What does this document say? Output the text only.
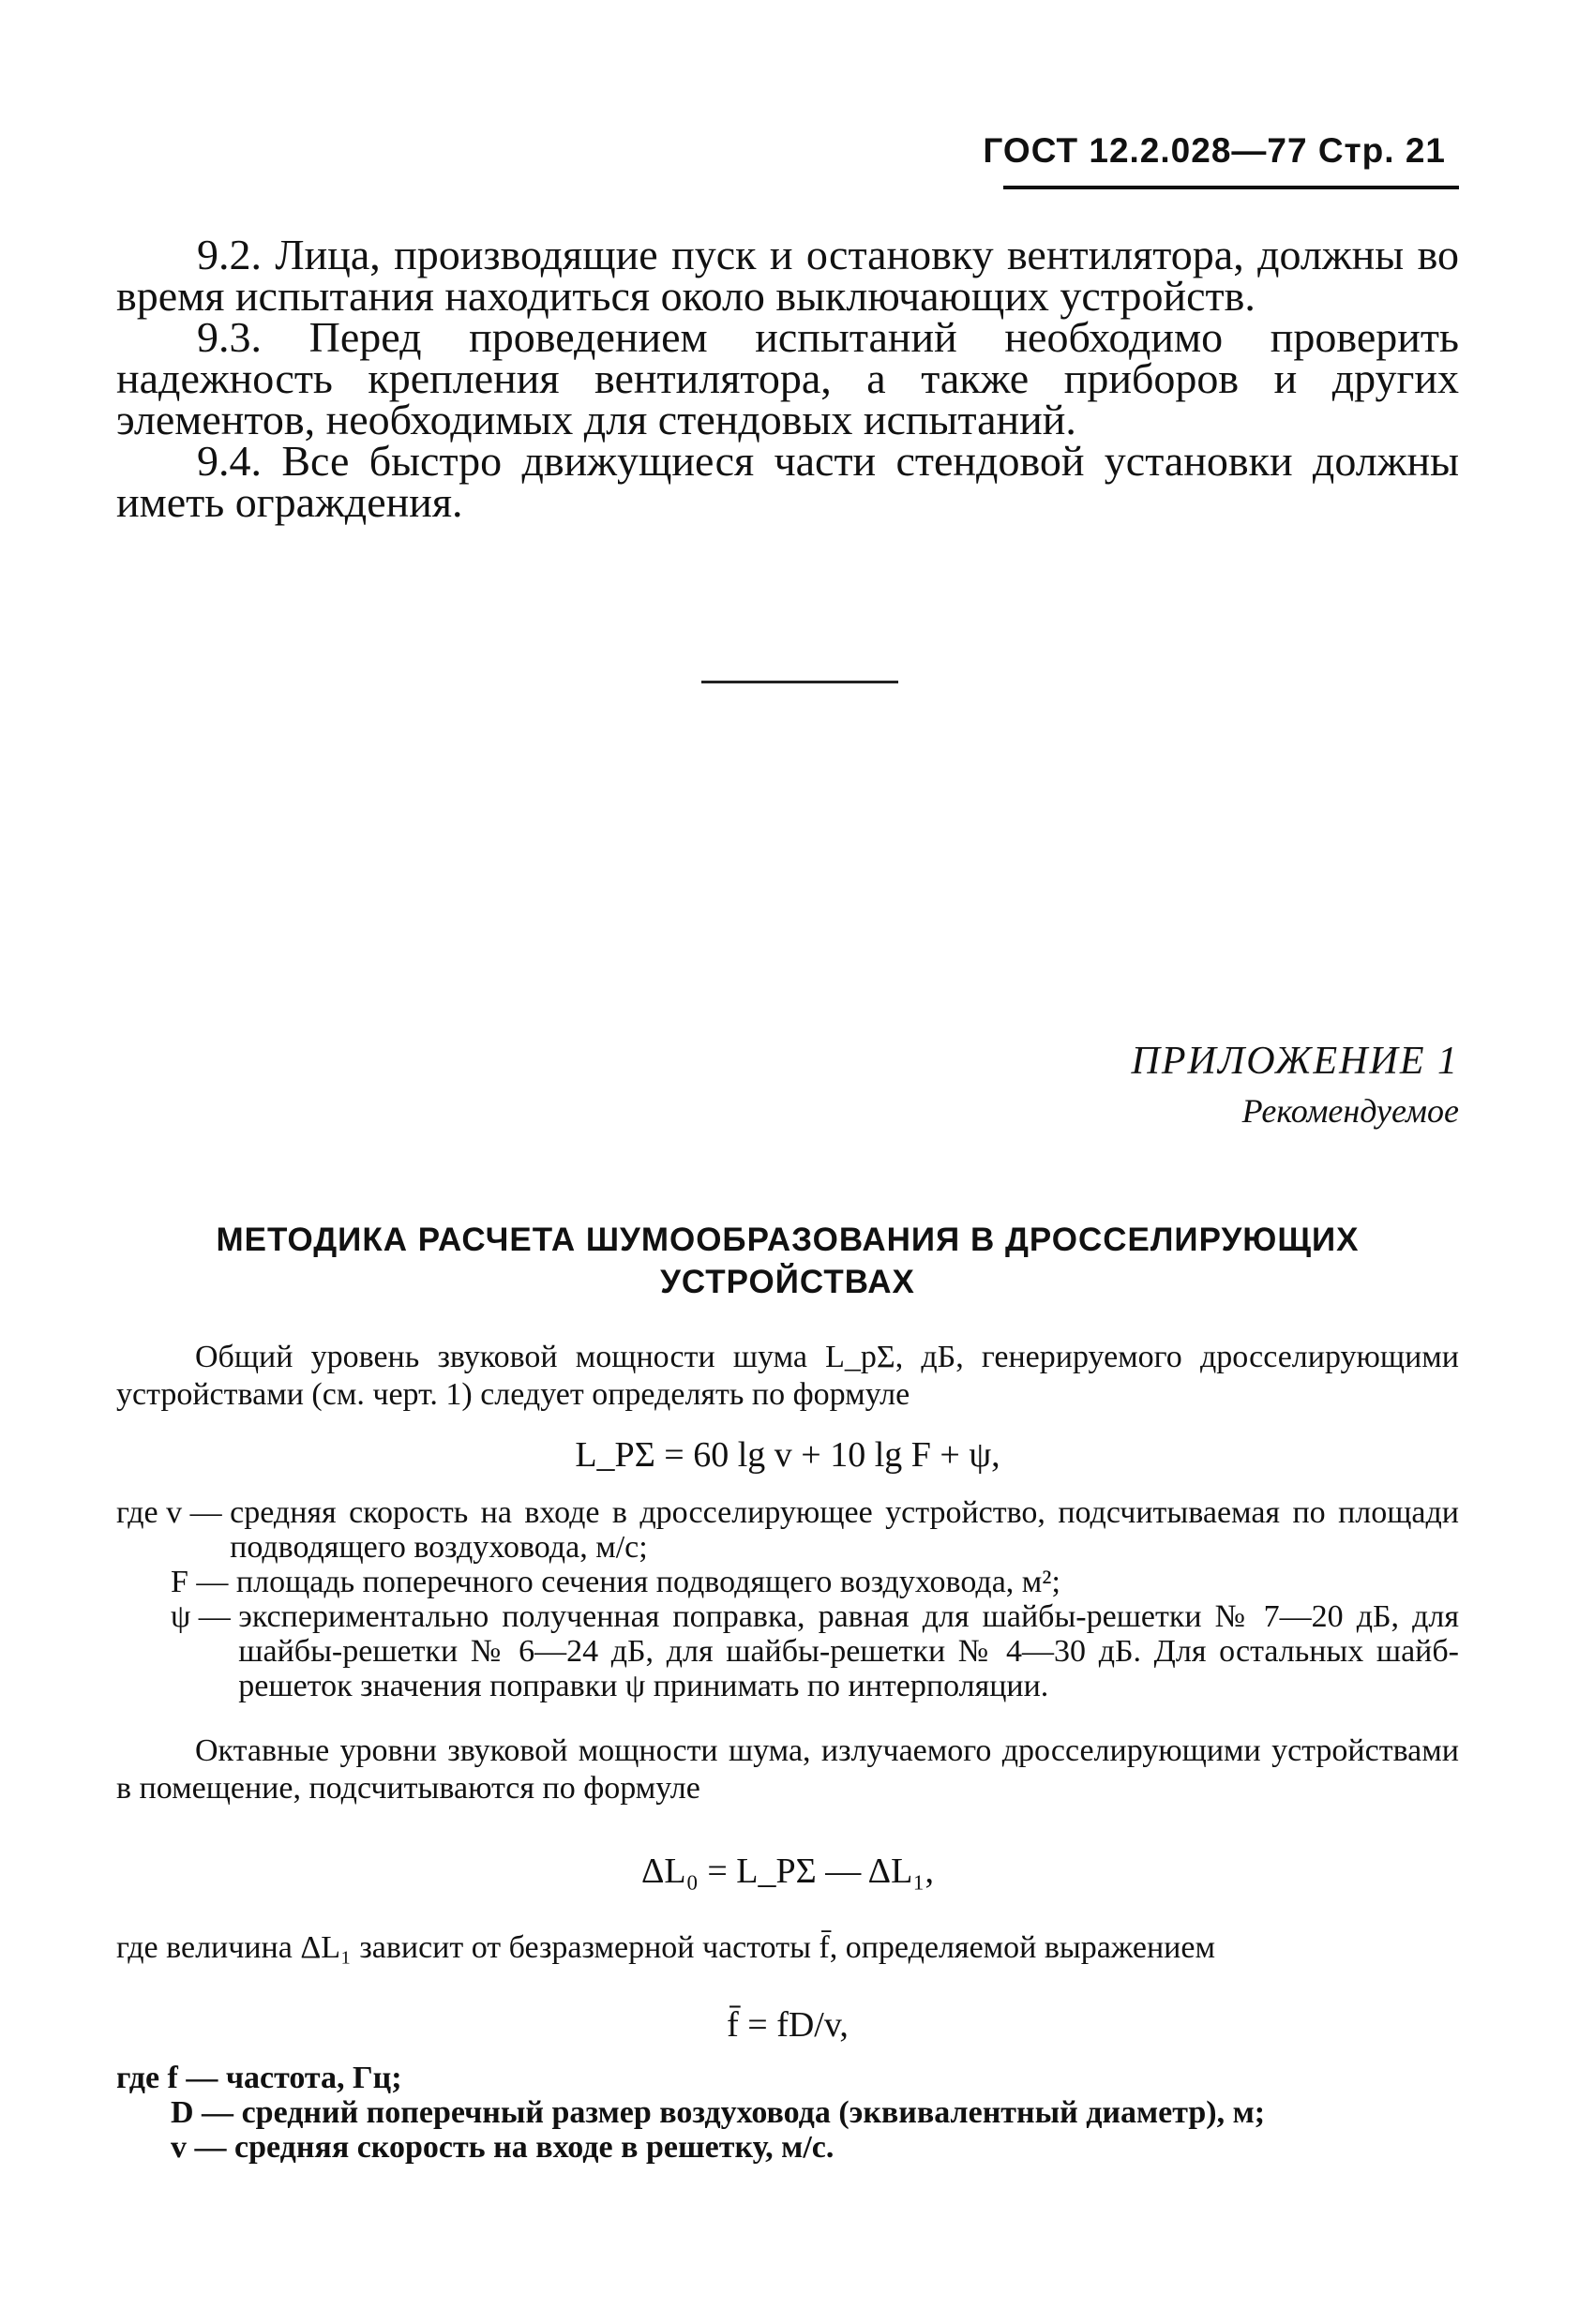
ГОСТ 12.2.028—77 Стр. 21

9.2. Лица, производящие пуск и остановку вентилятора, должны во время испытания находиться около выключающих устройств.

9.3. Перед проведением испытаний необходимо проверить надежность крепления вентилятора, а также приборов и других элементов, необходимых для стендовых испытаний.

9.4. Все быстро движущиеся части стендовой установки должны иметь ограждения.

ПРИЛОЖЕНИЕ 1
Рекомендуемое
МЕТОДИКА РАСЧЕТА ШУМООБРАЗОВАНИЯ В ДРОССЕЛИРУЮЩИХ
УСТРОЙСТВАХ

Общий уровень звуковой мощности шума L_pΣ, дБ, генерируемого дросселирующими устройствами (см. черт. 1) следует определять по формуле

L_PΣ = 60 lg v + 10 lg F + ψ,
где v — средняя скорость на входе в дросселирующее устройство, подсчитываемая по площади подводящего воздуховода, м/с;
F — площадь поперечного сечения подводящего воздуховода, м²;
ψ — экспериментально полученная поправка, равная для шайбы-решетки № 7—20 дБ, для шайбы-решетки № 6—24 дБ, для шайбы-решетки № 4—30 дБ. Для остальных шайб-решеток значения поправки ψ принимать по интерполяции.

Октавные уровни звуковой мощности шума, излучаемого дросселирующими устройствами в помещение, подсчитываются по формуле

ΔL₀ = L_PΣ — ΔL₁,
где величина ΔL₁ зависит от безразмерной частоты f̄, определяемой выражением
f̄ = fD/v,
где f — частота, Гц;
D — средний поперечный размер воздуховода (эквивалентный диаметр), м;
v — средняя скорость на входе в решетку, м/с.
